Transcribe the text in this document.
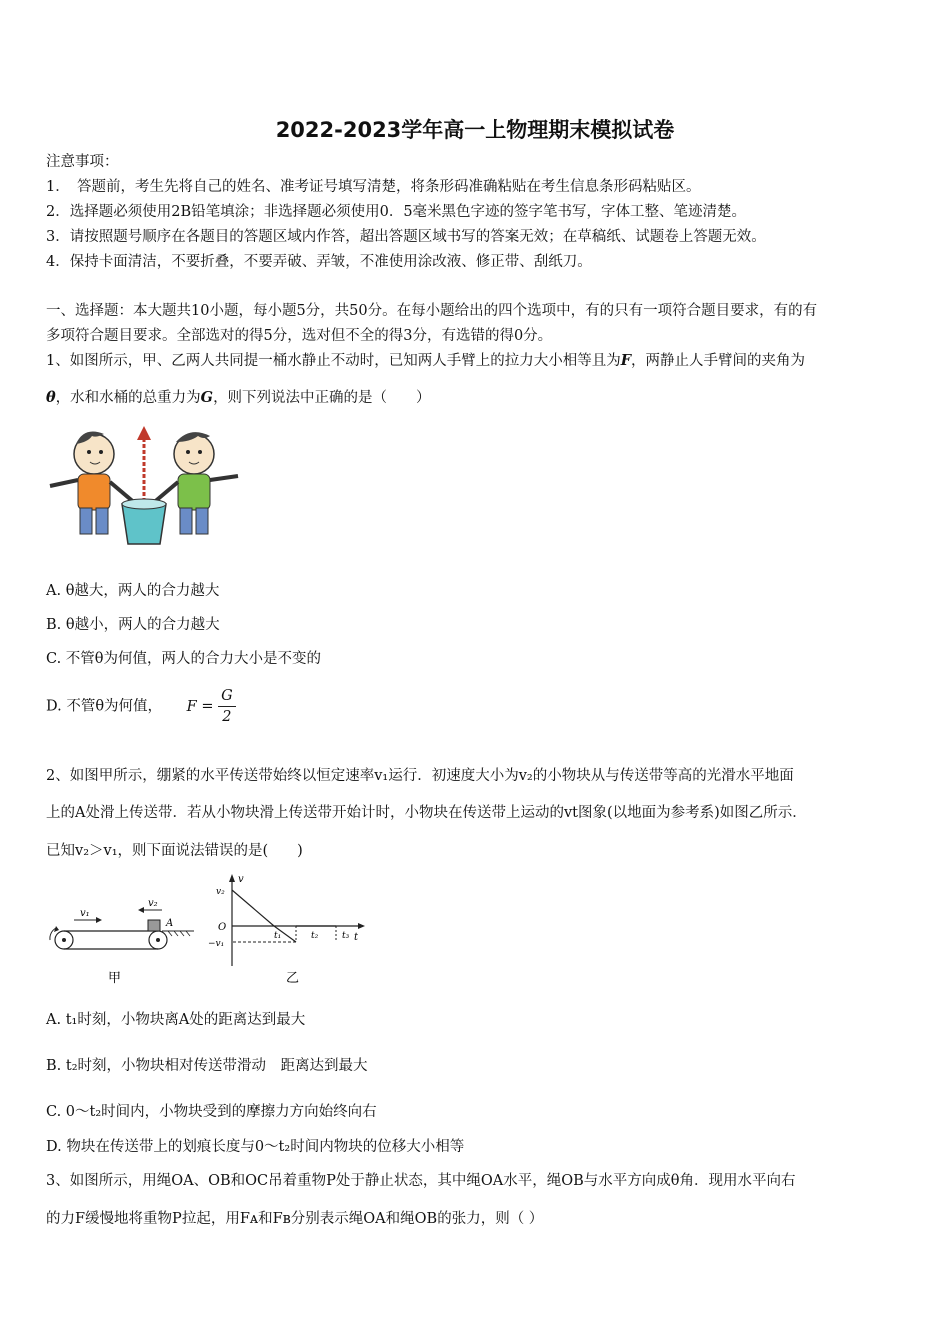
2022-2023学年高一上物理期末模拟试卷
注意事项：
1．　答题前，考生先将自己的姓名、准考证号填写清楚，将条形码准确粘贴在考生信息条形码粘贴区。
2．选择题必须使用2B铅笔填涂；非选择题必须使用0．5毫米黑色字迹的签字笔书写，字体工整、笔迹清楚。
3．请按照题号顺序在各题目的答题区域内作答，超出答题区域书写的答案无效；在草稿纸、试题卷上答题无效。
4．保持卡面清洁，不要折叠，不要弄破、弄皱，不准使用涂改液、修正带、刮纸刀。
一、选择题：本大题共10小题，每小题5分，共50分。在每小题给出的四个选项中，有的只有一项符合题目要求，有的有
多项符合题目要求。全部选对的得5分，选对但不全的得3分，有选错的得0分。
1、如图所示，甲、乙两人共同提一桶水静止不动时，已知两人手臂上的拉力大小相等且为F，两静止人手臂间的夹角为
θ，水和水桶的总重力为G，则下列说法中正确的是（　　）
A. θ越大，两人的合力越大
B. θ越小，两人的合力越大
C. 不管θ为何值，两人的合力大小是不变的
D. 不管θ为何值， $F = \frac{G}{2}$
2、如图甲所示，绷紧的水平传送带始终以恒定速率v₁运行．初速度大小为v₂的小物块从与传送带等高的光滑水平地面
上的A处滑上传送带．若从小物块滑上传送带开始计时，小物块在传送带上运动的vt图象(以地面为参考系)如图乙所示．
已知v₂＞v₁，则下面说法错误的是(　　)
v₁
v₂
A
甲
v
t
O
v₂
−v₁
t₁	t₂	t₃
乙
A. t₁时刻，小物块离A处的距离达到最大
B. t₂时刻，小物块相对传送带滑动　距离达到最大
C. 0～t₂时间内，小物块受到的摩擦力方向始终向右
D. 物块在传送带上的划痕长度与0～t₂时间内物块的位移大小相等
3、如图所示，用绳OA、OB和OC吊着重物P处于静止状态，其中绳OA水平，绳OB与水平方向成θ角．现用水平向右
的力F缓慢地将重物P拉起，用Fᴀ和Fʙ分别表示绳OA和绳OB的张力，则（ ）
